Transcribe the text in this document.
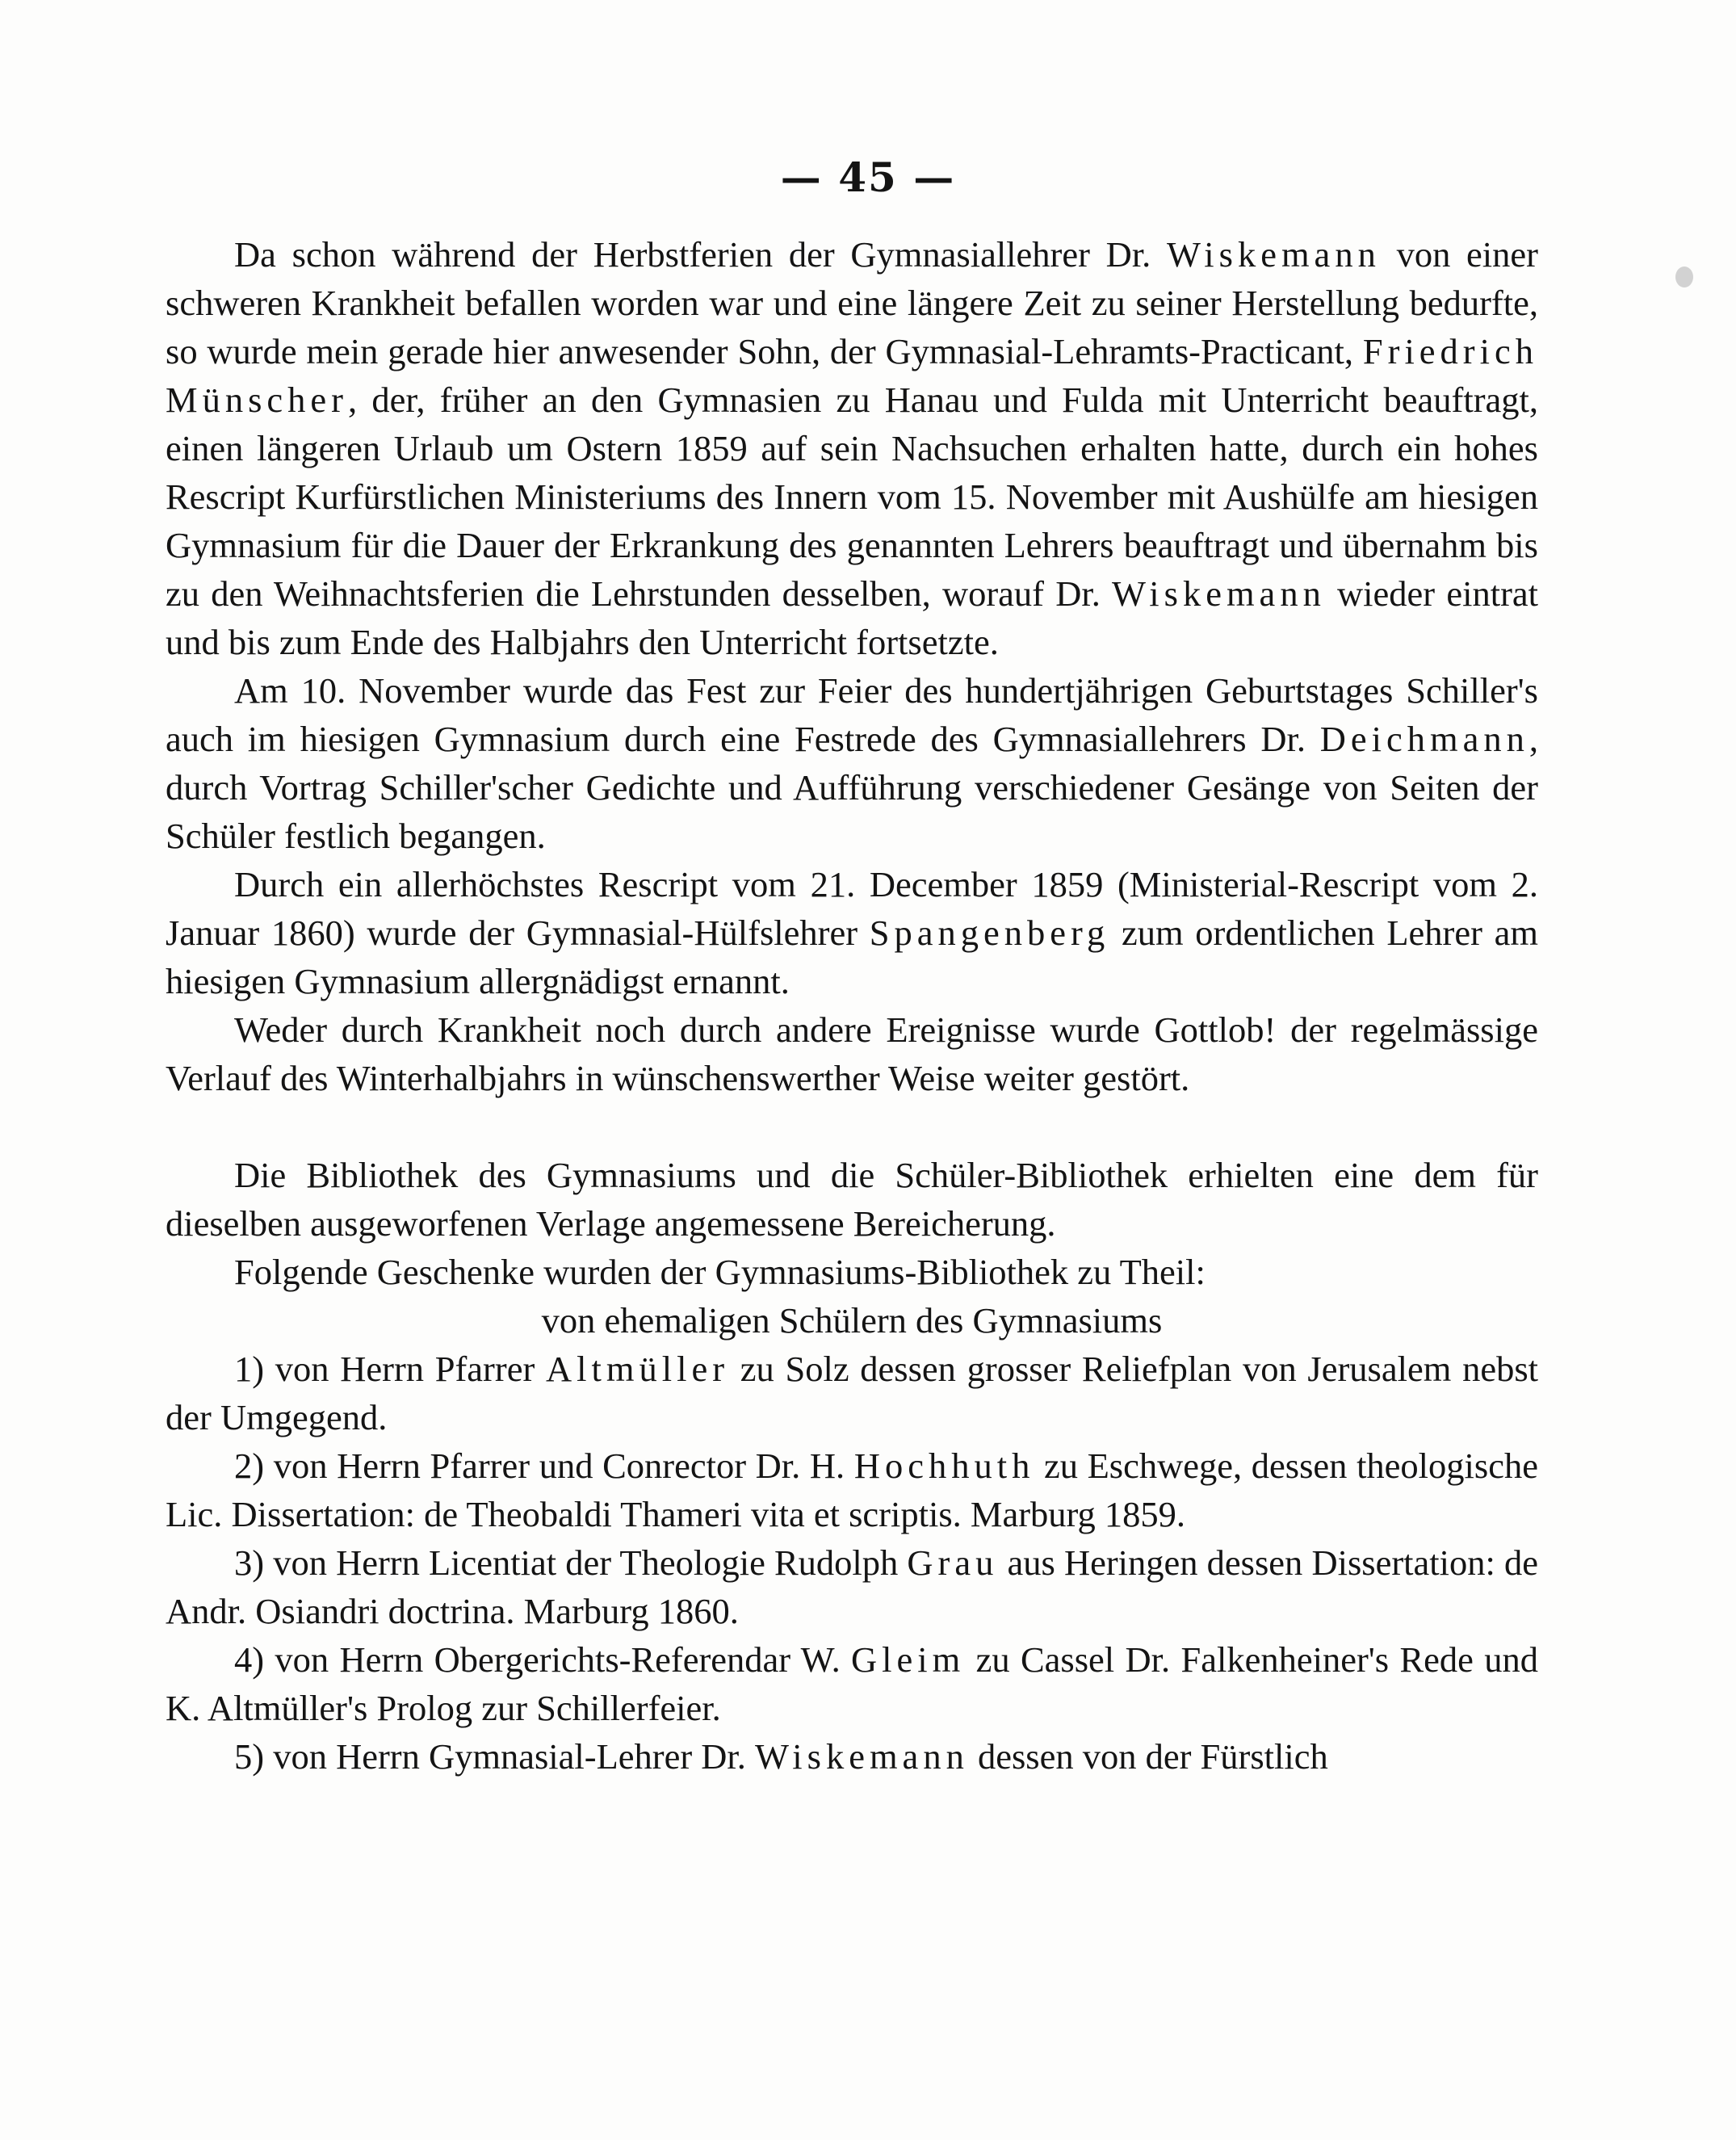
— 45 —

Da schon während der Herbstferien der Gymnasiallehrer Dr. Wiskemann von einer schweren Krankheit befallen worden war und eine längere Zeit zu seiner Herstellung bedurfte, so wurde mein gerade hier anwesender Sohn, der Gymnasial-Lehramts-Practicant, Friedrich Münscher, der, früher an den Gymnasien zu Hanau und Fulda mit Unterricht beauftragt, einen längeren Urlaub um Ostern 1859 auf sein Nachsuchen erhalten hatte, durch ein hohes Rescript Kurfürstlichen Ministeriums des Innern vom 15. November mit Aushülfe am hiesigen Gymnasium für die Dauer der Erkrankung des genannten Lehrers beauftragt und übernahm bis zu den Weihnachtsferien die Lehrstunden desselben, worauf Dr. Wiskemann wieder eintrat und bis zum Ende des Halbjahrs den Unterricht fortsetzte.

Am 10. November wurde das Fest zur Feier des hundertjährigen Geburtstages Schiller's auch im hiesigen Gymnasium durch eine Festrede des Gymnasiallehrers Dr. Deichmann, durch Vortrag Schiller'scher Gedichte und Aufführung verschiedener Gesänge von Seiten der Schüler festlich begangen.

Durch ein allerhöchstes Rescript vom 21. December 1859 (Ministerial-Rescript vom 2. Januar 1860) wurde der Gymnasial-Hülfslehrer Spangenberg zum ordentlichen Lehrer am hiesigen Gymnasium allergnädigst ernannt.

Weder durch Krankheit noch durch andere Ereignisse wurde Gottlob! der regelmässige Verlauf des Winterhalbjahrs in wünschenswerther Weise weiter gestört.

Die Bibliothek des Gymnasiums und die Schüler-Bibliothek erhielten eine dem für dieselben ausgeworfenen Verlage angemessene Bereicherung.

Folgende Geschenke wurden der Gymnasiums-Bibliothek zu Theil:

von ehemaligen Schülern des Gymnasiums

1) von Herrn Pfarrer Altmüller zu Solz dessen grosser Reliefplan von Jerusalem nebst der Umgegend.

2) von Herrn Pfarrer und Conrector Dr. H. Hochhuth zu Eschwege, dessen theologische Lic. Dissertation: de Theobaldi Thameri vita et scriptis. Marburg 1859.

3) von Herrn Licentiat der Theologie Rudolph Grau aus Heringen dessen Dissertation: de Andr. Osiandri doctrina. Marburg 1860.

4) von Herrn Obergerichts-Referendar W. Gleim zu Cassel Dr. Falkenheiner's Rede und K. Altmüller's Prolog zur Schillerfeier.

5) von Herrn Gymnasial-Lehrer Dr. Wiskemann dessen von der Fürstlich
